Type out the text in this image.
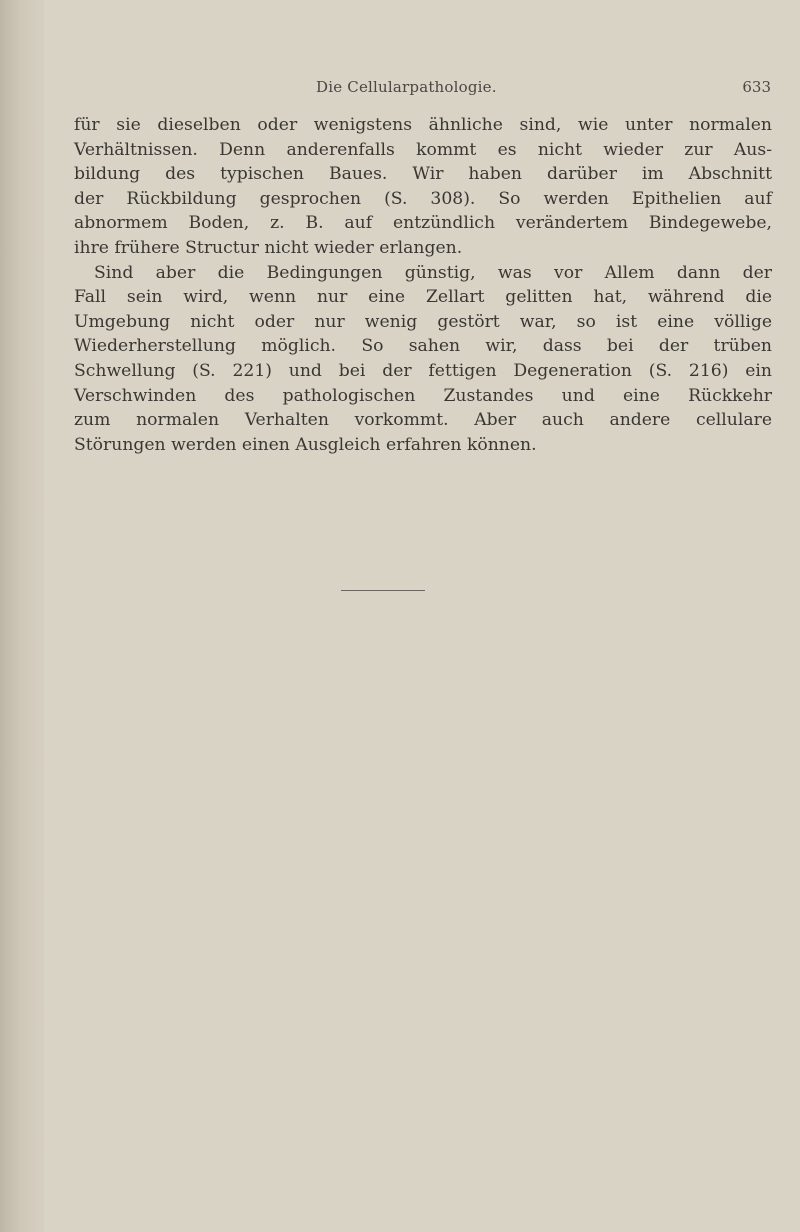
Die Cellularpathologie.	633

für sie dieselben oder wenigstens ähnliche sind, wie unter normalen
Verhältnissen. Denn anderenfalls kommt es nicht wieder zur Aus-
bildung des typischen Baues. Wir haben darüber im Abschnitt
der Rückbildung gesprochen (S. 308). So werden Epithelien auf
abnormem Boden, z. B. auf entzündlich verändertem Bindegewebe,
ihre frühere Structur nicht wieder erlangen.

Sind aber die Bedingungen günstig, was vor Allem dann der
Fall sein wird, wenn nur eine Zellart gelitten hat, während die
Umgebung nicht oder nur wenig gestört war, so ist eine völlige
Wiederherstellung möglich. So sahen wir, dass bei der trüben
Schwellung (S. 221) und bei der fettigen Degeneration (S. 216) ein
Verschwinden des pathologischen Zustandes und eine Rückkehr
zum normalen Verhalten vorkommt. Aber auch andere cellulare
Störungen werden einen Ausgleich erfahren können.
